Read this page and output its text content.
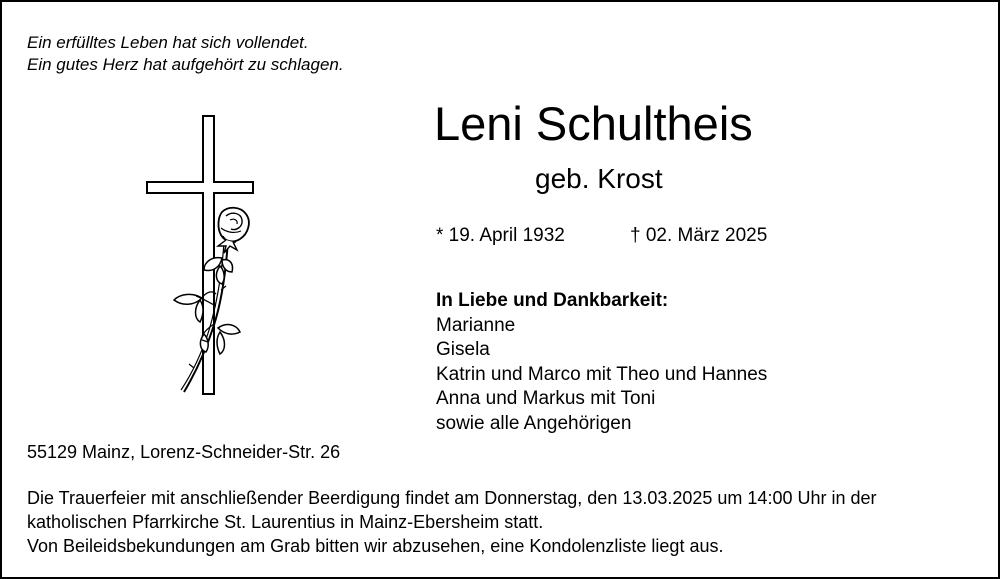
Ein erfülltes Leben hat sich vollendet.
Ein gutes Herz hat aufgehört zu schlagen.
Leni Schultheis
geb. Krost
* 19. April 1932	† 02. März 2025
In Liebe und Dankbarkeit:
Marianne
Gisela
Katrin und Marco mit Theo und Hannes
Anna und Markus mit Toni
sowie alle Angehörigen
55129 Mainz, Lorenz-Schneider-Str. 26
Die Trauerfeier mit anschließender Beerdigung findet am Donnerstag, den 13.03.2025 um 14:00 Uhr in der
katholischen Pfarrkirche St. Laurentius in Mainz-Ebersheim statt.
Von Beileidsbekundungen am Grab bitten wir abzusehen, eine Kondolenzliste liegt aus.
